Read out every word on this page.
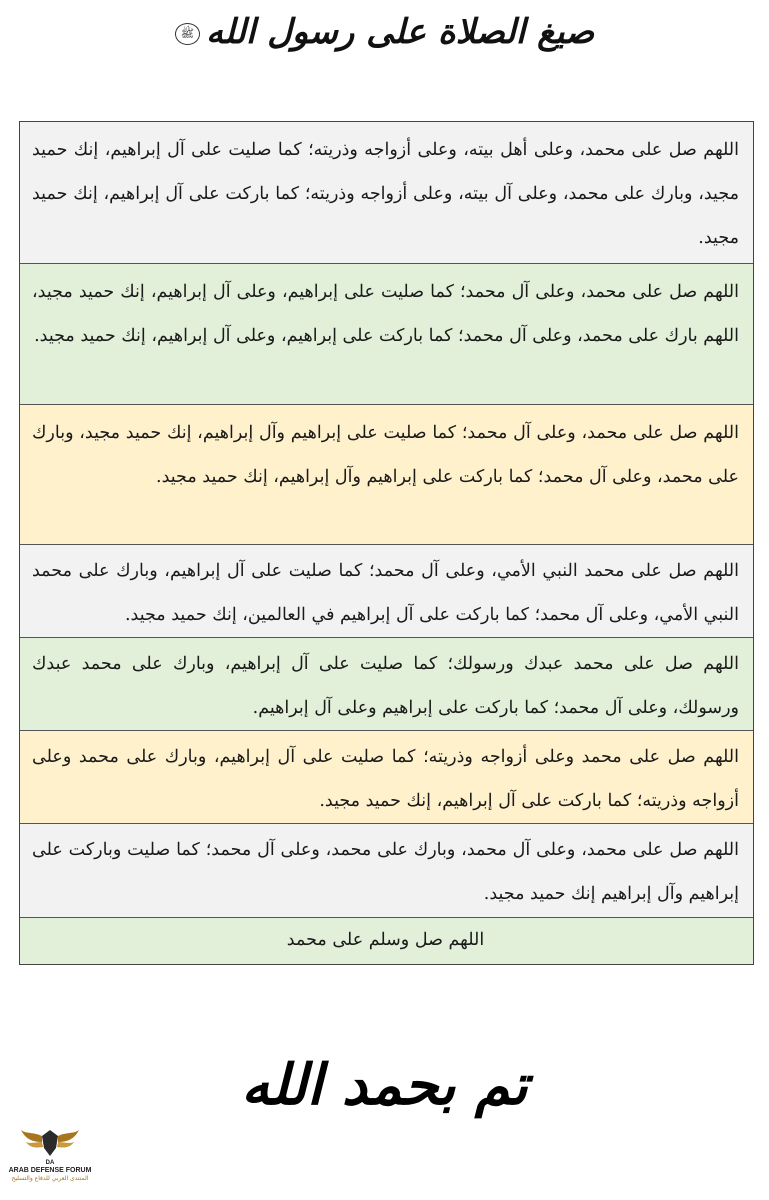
صيغ الصلاة على رسول اللهﷺ
اللهم صل على محمد، وعلى أهل بيته، وعلى أزواجه وذريته؛ كما صليت على آل إبراهيم، إنك حميد مجيد، وبارك على محمد، وعلى آل بيته، وعلى أزواجه وذريته؛ كما باركت على آل إبراهيم، إنك حميد مجيد.
اللهم صل على محمد، وعلى آل محمد؛ كما صليت على إبراهيم، وعلى آل إبراهيم، إنك حميد مجيد، اللهم بارك على محمد، وعلى آل محمد؛ كما باركت على إبراهيم، وعلى آل إبراهيم، إنك حميد مجيد.
اللهم صل على محمد، وعلى آل محمد؛ كما صليت على إبراهيم وآل إبراهيم، إنك حميد مجيد، وبارك على محمد، وعلى آل محمد؛ كما باركت على إبراهيم وآل إبراهيم، إنك حميد مجيد.
اللهم صل على محمد النبي الأمي، وعلى آل محمد؛ كما صليت على آل إبراهيم، وبارك على محمد النبي الأمي، وعلى آل محمد؛ كما باركت على آل إبراهيم في العالمين، إنك حميد مجيد.
اللهم صل على محمد عبدك ورسولك؛ كما صليت على آل إبراهيم، وبارك على محمد عبدك ورسولك، وعلى آل محمد؛ كما باركت على إبراهيم وعلى آل إبراهيم.
اللهم صل على محمد وعلى أزواجه وذريته؛ كما صليت على آل إبراهيم، وبارك على محمد وعلى أزواجه وذريته؛ كما باركت على آل إبراهيم، إنك حميد مجيد.
اللهم صل على محمد، وعلى آل محمد، وبارك على محمد، وعلى آل محمد؛ كما صليت وباركت على إبراهيم وآل إبراهيم إنك حميد مجيد.
اللهم صل وسلم على محمد
تم بحمد الله
DA
ARAB DEFENSE FORUM
المنتدى العربي للدفاع والتسليح
